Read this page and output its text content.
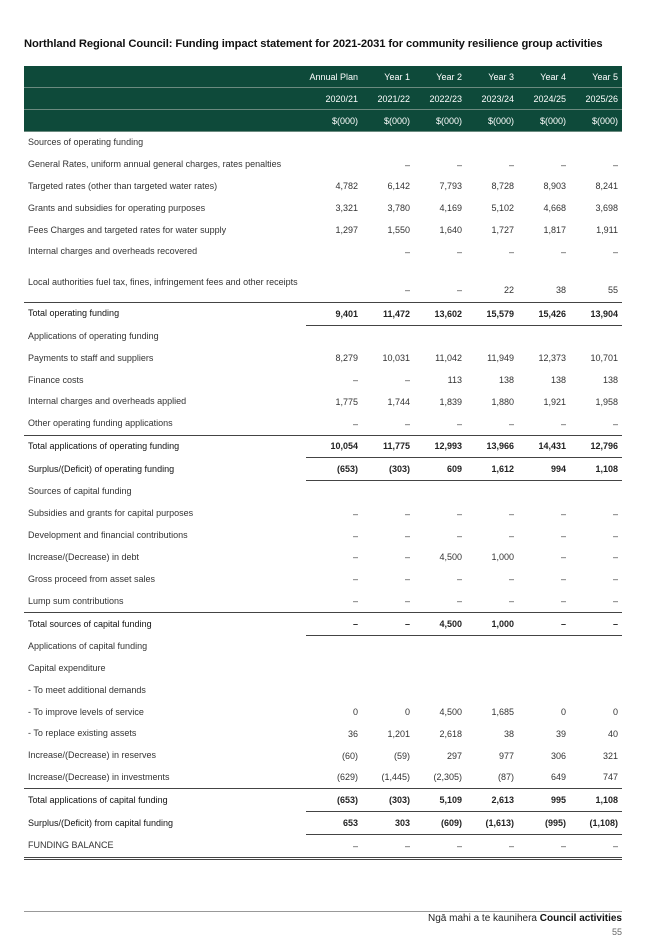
Northland Regional Council: Funding impact statement for 2021-2031 for community resilience group activities
	Annual Plan	Year 1	Year 2	Year 3	Year 4	Year 5
	2020/21	2021/22	2022/23	2023/24	2024/25	2025/26
	$(000)	$(000)	$(000)	$(000)	$(000)	$(000)
Sources of operating funding						
General Rates, uniform annual general charges, rates penalties		–	–	–	–	–
Targeted rates (other than targeted water rates)	4,782	6,142	7,793	8,728	8,903	8,241
Grants and subsidies for operating purposes	3,321	3,780	4,169	5,102	4,668	3,698
Fees Charges and targeted rates for water supply	1,297	1,550	1,640	1,727	1,817	1,911
Internal charges and overheads recovered		–	–	–	–	–
Local authorities fuel tax, fines, infringement fees and other receipts		–	–	22	38	55
Total operating funding	9,401	11,472	13,602	15,579	15,426	13,904
Applications of operating funding						
Payments to staff and suppliers	8,279	10,031	11,042	11,949	12,373	10,701
Finance costs	–	–	113	138	138	138
Internal charges and overheads applied	1,775	1,744	1,839	1,880	1,921	1,958
Other operating funding applications	–	–	–	–	–	–
Total applications of operating funding	10,054	11,775	12,993	13,966	14,431	12,796
Surplus/(Deficit) of operating funding	(653)	(303)	609	1,612	994	1,108
Sources of capital funding						
Subsidies and grants for capital purposes	–	–	–	–	–	–
Development and financial contributions	–	–	–	–	–	–
Increase/(Decrease) in debt	–	–	4,500	1,000	–	–
Gross proceed from asset sales	–	–	–	–	–	–
Lump sum contributions	–	–	–	–	–	–
Total sources of capital funding	–	–	4,500	1,000	–	–
Applications of capital funding						
Capital expenditure						
- To meet additional demands						
- To improve levels of service	0	0	4,500	1,685	0	0
- To replace existing assets	36	1,201	2,618	38	39	40
Increase/(Decrease) in reserves	(60)	(59)	297	977	306	321
Increase/(Decrease) in investments	(629)	(1,445)	(2,305)	(87)	649	747
Total applications of capital funding	(653)	(303)	5,109	2,613	995	1,108
Surplus/(Deficit) from capital funding	653	303	(609)	(1,613)	(995)	(1,108)
FUNDING BALANCE	–	–	–	–	–	–
Ngā mahi a te kaunihera Council activities
55
